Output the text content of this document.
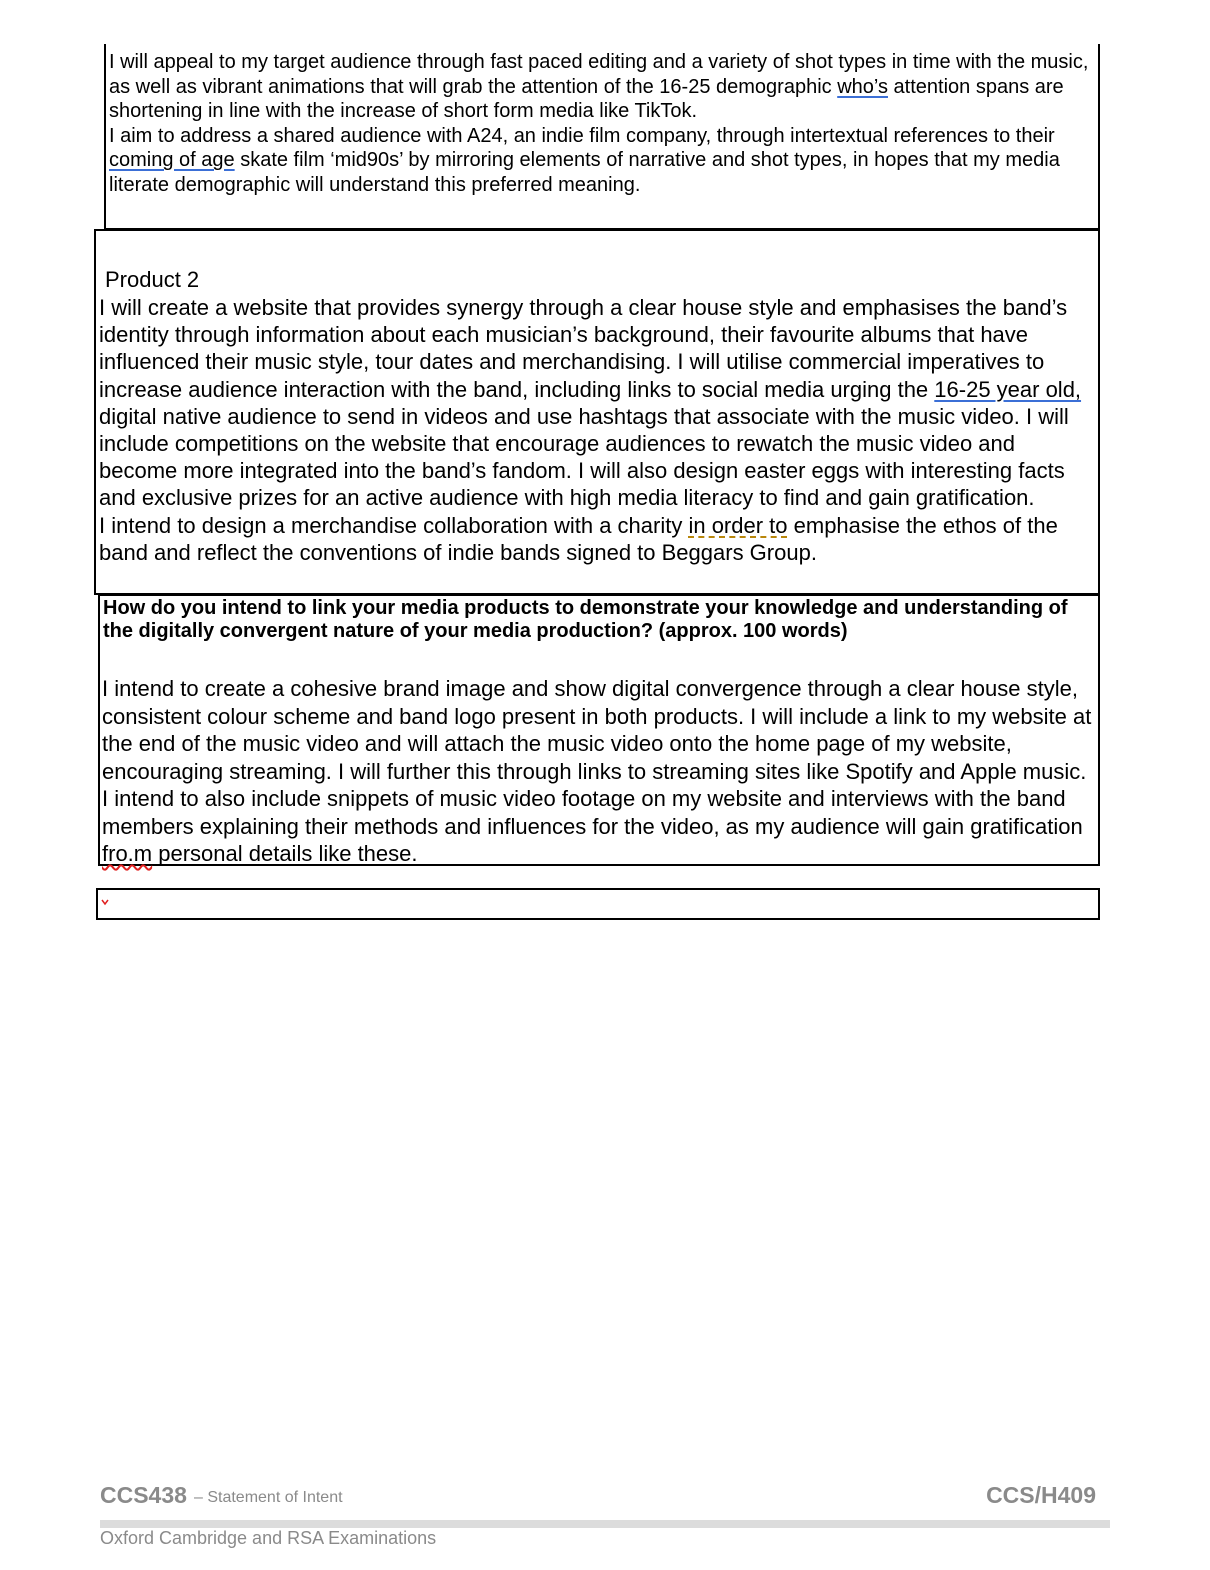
I will appeal to my target audience through fast paced editing and a variety of shot types in time with the music, as well as vibrant animations that will grab the attention of the 16-25 demographic who’s attention spans are shortening in line with the increase of short form media like TikTok.
I aim to address a shared audience with A24, an indie film company, through intertextual references to their coming of age skate film ‘mid90s’ by mirroring elements of narrative and shot types, in hopes that my media literate demographic will understand this preferred meaning.

Product 2

I will create a website that provides synergy through a clear house style and emphasises the band’s identity through information about each musician’s background, their favourite albums that have influenced their music style, tour dates and merchandising. I will utilise commercial imperatives to increase audience interaction with the band, including links to social media urging the 16-25 year old, digital native audience to send in videos and use hashtags that associate with the music video. I will include competitions on the website that encourage audiences to rewatch the music video and become more integrated into the band’s fandom. I will also design easter eggs with interesting facts and exclusive prizes for an active audience with high media literacy to find and gain gratification.
I intend to design a merchandise collaboration with a charity in order to emphasise the ethos of the band and reflect the conventions of indie bands signed to Beggars Group.

How do you intend to link your media products to demonstrate your knowledge and understanding of the digitally convergent nature of your media production? (approx. 100 words)

I intend to create a cohesive brand image and show digital convergence through a clear house style, consistent colour scheme and band logo present in both products. I will include a link to my website at the end of the music video and will attach the music video onto the home page of my website, encouraging streaming. I will further this through links to streaming sites like Spotify and Apple music. I intend to also include snippets of music video footage on my website and interviews with the band members explaining their methods and influences for the video, as my audience will gain gratification fro.m personal details like these.

CCS438 – Statement of Intent	CCS/H409
Oxford Cambridge and RSA Examinations
